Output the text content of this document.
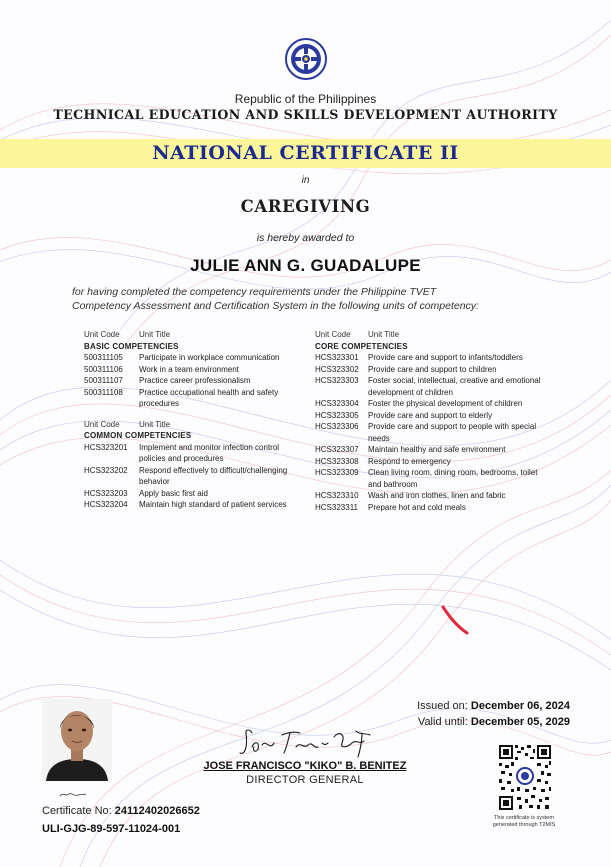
Republic of the Philippines
TECHNICAL EDUCATION AND SKILLS DEVELOPMENT AUTHORITY
NATIONAL CERTIFICATE II
in
CAREGIVING
is hereby awarded to
JULIE ANN G. GUADALUPE
for having completed the competency requirements under the Philippine TVET
Competency Assessment and Certification System in the following units of competency:
Unit Code	Unit Title
BASIC COMPETENCIES
500311105	Participate in workplace communication
500311106	Work in a team environment
500311107	Practice career professionalism
500311108	Practice occupational health and safety procedures
Unit Code	Unit Title
COMMON COMPETENCIES
HCS323201	Implement and monitor infection control policies and procedures
HCS323202	Respond effectively to difficult/challenging behavior
HCS323203	Apply basic first aid
HCS323204	Maintain high standard of patient services
Unit Code	Unit Title
CORE COMPETENCIES
HCS323301	Provide care and support to infants/toddlers
HCS323302	Provide care and support to children
HCS323303	Foster social, intellectual, creative and emotional development of children
HCS323304	Foster the physical development of children
HCS323305	Provide care and support to elderly
HCS323306	Provide care and support to people with special needs
HCS323307	Maintain healthy and safe environment
HCS323308	Respond to emergency
HCS323309	Clean living room, dining room, bedrooms, toilet and bathroom
HCS323310	Wash and iron clothes, linen and fabric
HCS323311	Prepare hot and cold meals
Issued on: December 06, 2024
Valid until: December 05, 2029
JOSE FRANCISCO "KIKO" B. BENITEZ
DIRECTOR GENERAL
This certificate is system
generated through T2MIS
Certificate No: 24112402026652
ULI-GJG-89-597-11024-001
